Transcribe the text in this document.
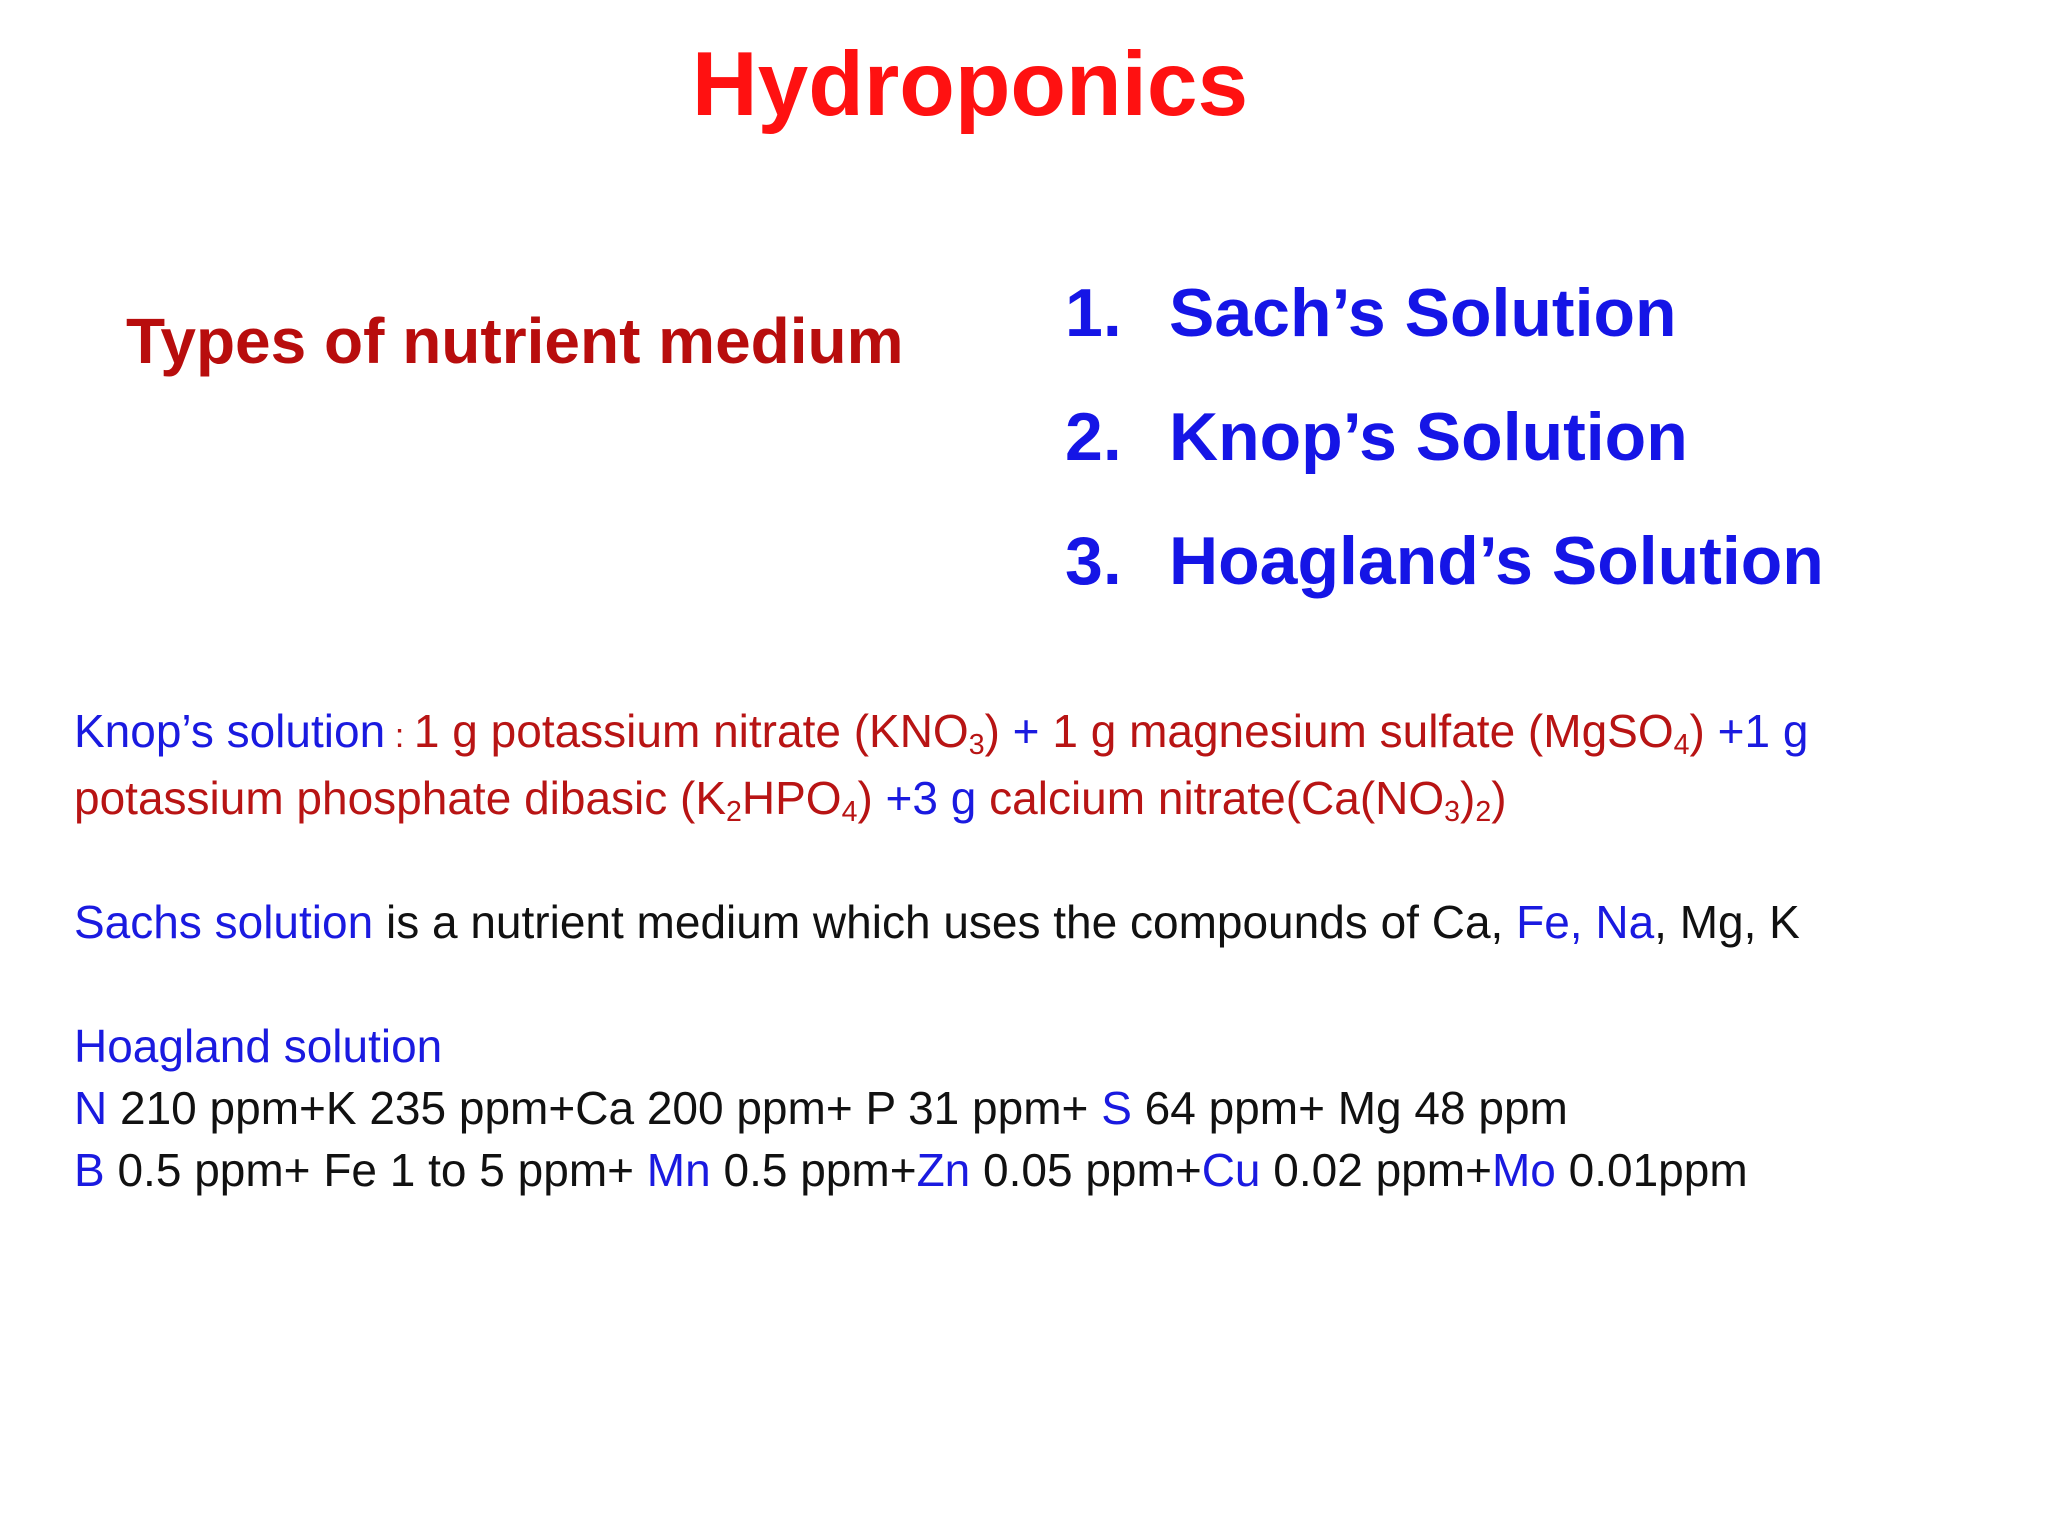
Hydroponics
Types of nutrient medium 1. Sach’s Solution
2. Knop’s Solution
3. Hoagland’s Solution

Knop’s solution : 1 g potassium nitrate $(KNO_3) + 1$ g magnesium sulfate (MgSO$_4$) +1 g

potassium phosphate dibasic $(K_2HPO_4) +3$ g calcium $nitrate(Ca(NO_3)_2)$

Sachs solution is a nutrient medium which uses the compounds of Ca, Fe, Na, Mg, K

Hoagland solution

N 210 ppm+K 235 ppm+Ca 200 ppm+ P 31 ppm+ S 64 ppm+ Mg 48 ppm

B 0.5 ppm+ Fe 1 to 5 ppm+ Mn 0.5 ppm+Zn 0.05 ppm+Cu 0.02 ppm+Mo 0.01ppm
